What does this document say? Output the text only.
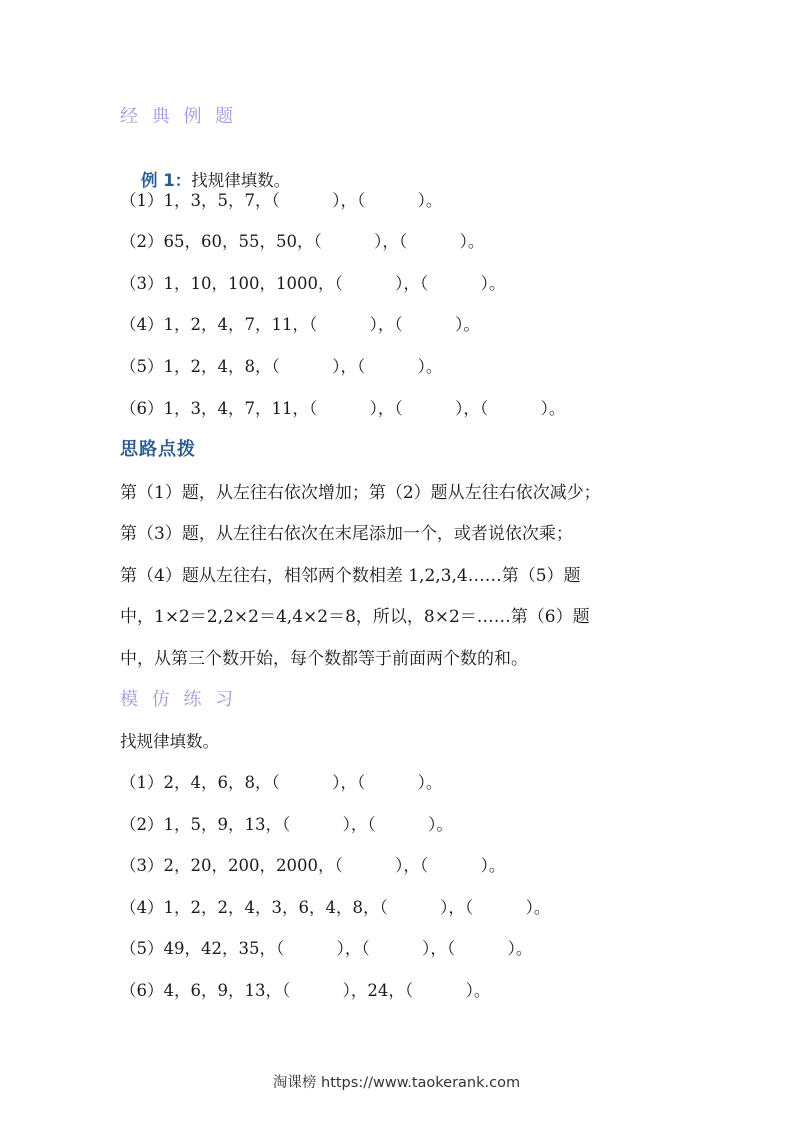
经 典 例 题

例 1：找规律填数。

（1）1，3，5，7，（          ），（          ）。
（2）65，60，55，50，（          ），（          ）。
（3）1，10，100，1000，（          ），（          ）。
（4）1，2，4，7，11，（          ），（          ）。
（5）1，2，4，8，（          ），（          ）。
（6）1，3，4，7，11，（          ），（          ），（          ）。
思路点拨
第（1）题，从左往右依次增加；第（2）题从左往右依次减少；
第（3）题，从左往右依次在末尾添加一个，或者说依次乘；
第（4）题从左往右，相邻两个数相差 1,2,3,4……第（5）题
中，1×2＝2,2×2＝4,4×2＝8，所以，8×2＝……第（6）题
中，从第三个数开始，每个数都等于前面两个数的和。
模 仿 练 习
找规律填数。
（1）2，4，6，8，（          ），（          ）。
（2）1，5，9，13，（          ），（          ）。
（3）2，20，200，2000，（          ），（          ）。
（4）1，2，2，4，3，6，4，8，（          ），（          ）。
（5）49，42，35，（          ），（          ），（          ）。
（6）4，6，9，13，（          ），24，（          ）。
淘课榜 https://www.taokerank.com
